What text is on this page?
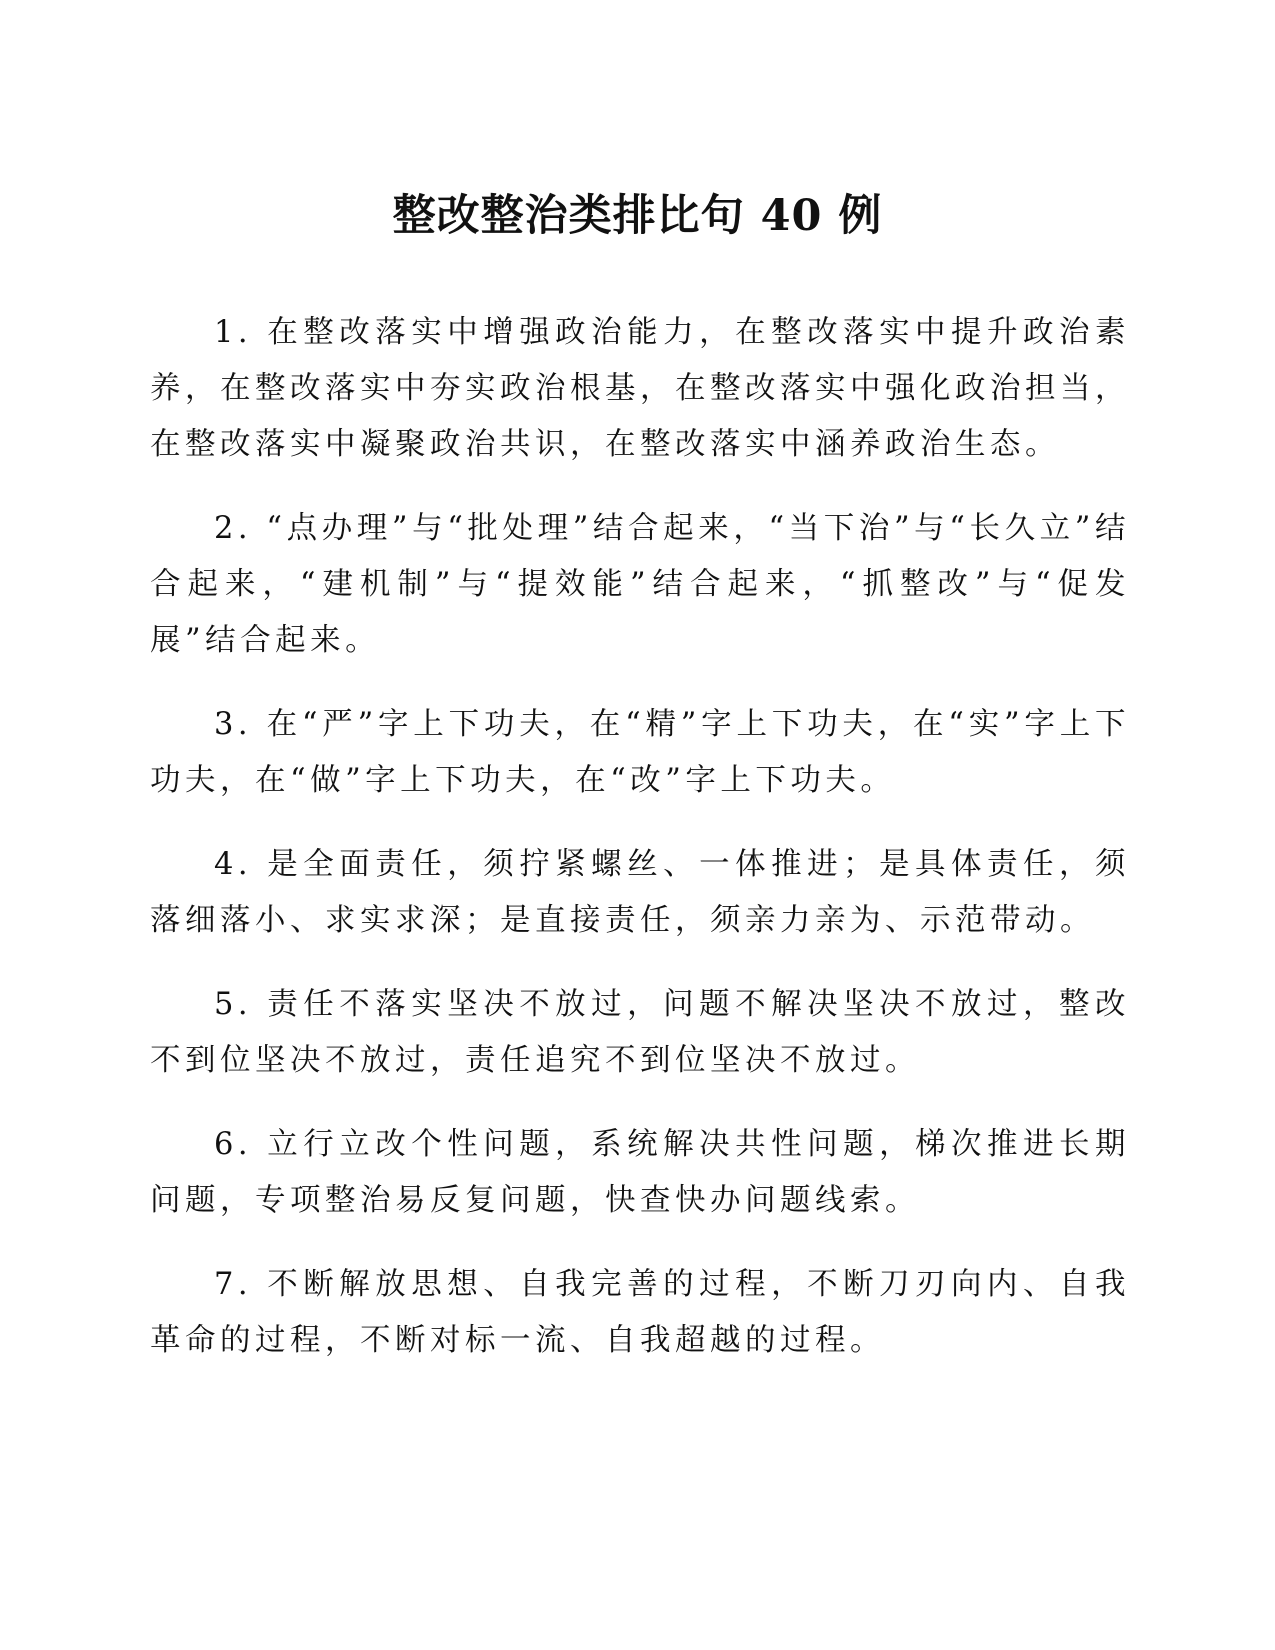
整改整治类排比句 40 例

1. 在整改落实中增强政治能力，在整改落实中提升政治素养，在整改落实中夯实政治根基，在整改落实中强化政治担当，在整改落实中凝聚政治共识，在整改落实中涵养政治生态。

2. “点办理”与“批处理”结合起来，“当下治”与“长久立”结合起来，“建机制”与“提效能”结合起来，“抓整改”与“促发展”结合起来。

3. 在“严”字上下功夫，在“精”字上下功夫，在“实”字上下功夫，在“做”字上下功夫，在“改”字上下功夫。

4. 是全面责任，须拧紧螺丝、一体推进；是具体责任，须落细落小、求实求深；是直接责任，须亲力亲为、示范带动。

5. 责任不落实坚决不放过，问题不解决坚决不放过，整改不到位坚决不放过，责任追究不到位坚决不放过。

6. 立行立改个性问题，系统解决共性问题，梯次推进长期问题，专项整治易反复问题，快查快办问题线索。

7. 不断解放思想、自我完善的过程，不断刀刃向内、自我革命的过程，不断对标一流、自我超越的过程。
